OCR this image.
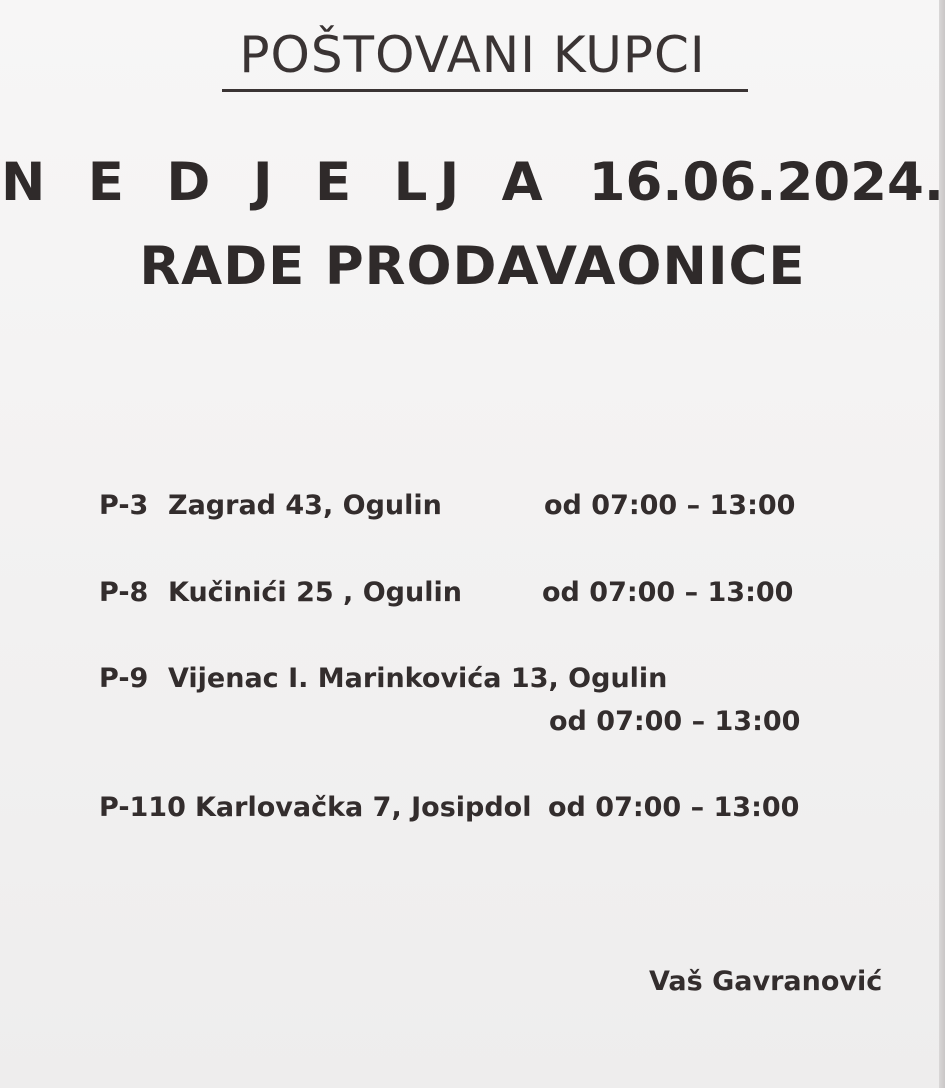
POŠTOVANI KUPCI
N E D J E LJ A 16.06.2024.
RADE PRODAVAONICE
P-3 Zagrad 43, Ogulin	od 07:00 – 13:00
P-8 Kučinići 25 , Ogulin	od 07:00 – 13:00
P-9 Vijenac I. Marinkovića 13, Ogulin
od 07:00 – 13:00
P-110 Karlovačka 7, Josipdol od 07:00 – 13:00
Vaš Gavranović
